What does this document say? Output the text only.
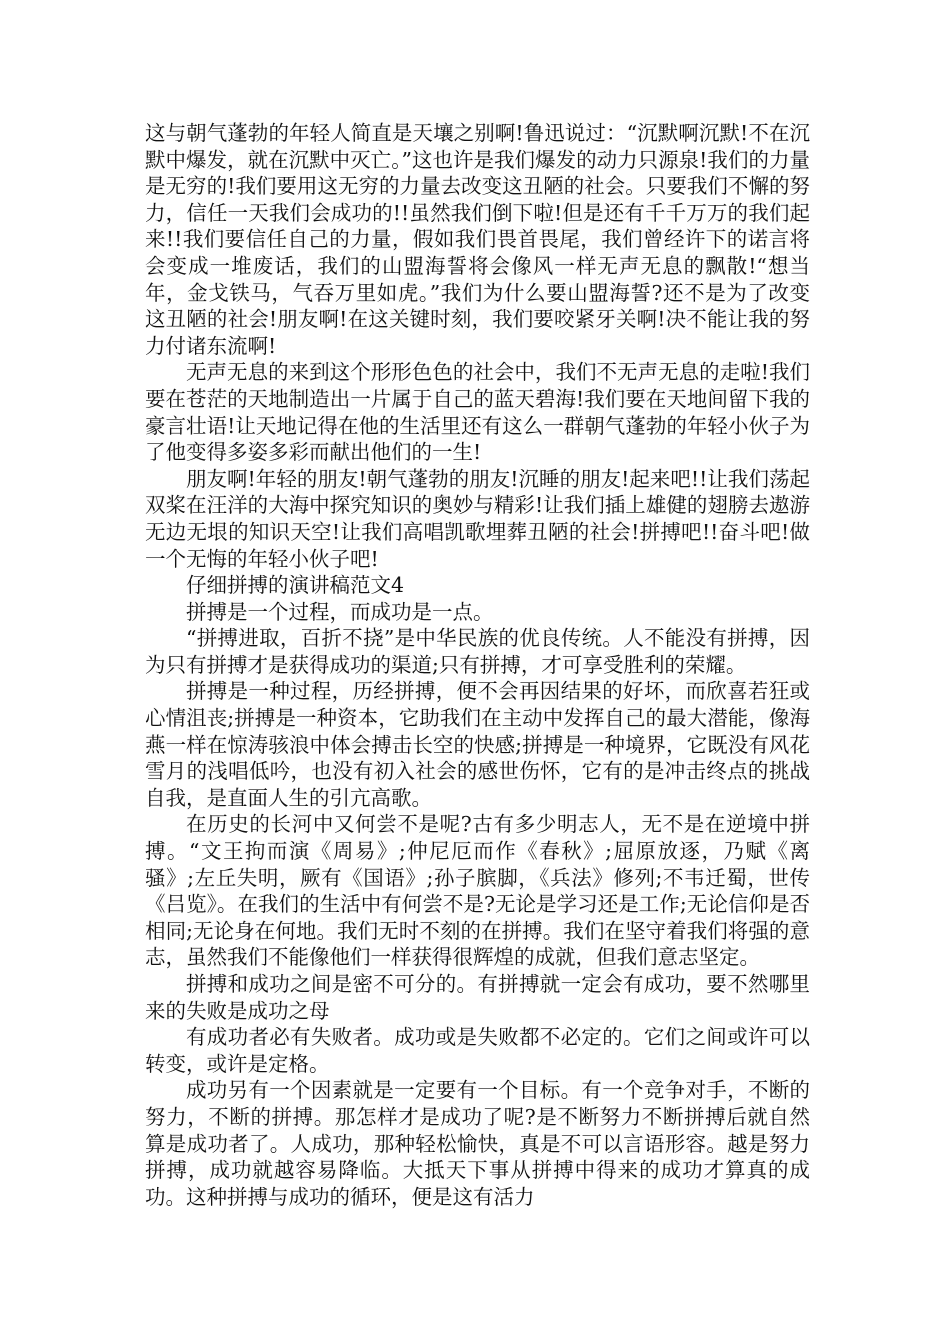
这与朝气蓬勃的年轻人简直是天壤之别啊!鲁迅说过：“沉默啊沉默!不在沉默中爆发，就在沉默中灭亡。”这也许是我们爆发的动力只源泉!我们的力量是无穷的!我们要用这无穷的力量去改变这丑陋的社会。只要我们不懈的努力，信任一天我们会成功的!!虽然我们倒下啦!但是还有千千万万的我们起来!!我们要信任自己的力量，假如我们畏首畏尾，我们曾经许下的诺言将会变成一堆废话，我们的山盟海誓将会像风一样无声无息的飘散!“想当年，金戈铁马，气吞万里如虎。”我们为什么要山盟海誓?还不是为了改变这丑陋的社会!朋友啊!在这关键时刻，我们要咬紧牙关啊!决不能让我的努力付诸东流啊!

无声无息的来到这个形形色色的社会中，我们不无声无息的走啦!我们要在苍茫的天地制造出一片属于自己的蓝天碧海!我们要在天地间留下我的豪言壮语!让天地记得在他的生活里还有这么一群朝气蓬勃的年轻小伙子为了他变得多姿多彩而献出他们的一生!

朋友啊!年轻的朋友!朝气蓬勃的朋友!沉睡的朋友!起来吧!!让我们荡起双桨在汪洋的大海中探究知识的奥妙与精彩!让我们插上雄健的翅膀去遨游无边无垠的知识天空!让我们高唱凯歌埋葬丑陋的社会!拼搏吧!!奋斗吧!做一个无悔的年轻小伙子吧!

仔细拼搏的演讲稿范文4

拼搏是一个过程，而成功是一点。

“拼搏进取，百折不挠”是中华民族的优良传统。人不能没有拼搏，因为只有拼搏才是获得成功的渠道;只有拼搏，才可享受胜利的荣耀。

拼搏是一种过程，历经拼搏，便不会再因结果的好坏，而欣喜若狂或心情沮丧;拼搏是一种资本，它助我们在主动中发挥自己的最大潜能，像海燕一样在惊涛骇浪中体会搏击长空的快感;拼搏是一种境界，它既没有风花雪月的浅唱低吟，也没有初入社会的感世伤怀，它有的是冲击终点的挑战自我，是直面人生的引亢高歌。

在历史的长河中又何尝不是呢?古有多少明志人，无不是在逆境中拼搏。“文王拘而演《周易》;仲尼厄而作《春秋》;屈原放逐，乃赋《离骚》;左丘失明，厥有《国语》;孙子膑脚，《兵法》修列;不韦迁蜀，世传《吕览》。在我们的生活中有何尝不是?无论是学习还是工作;无论信仰是否相同;无论身在何地。我们无时不刻的在拼搏。我们在坚守着我们将强的意志，虽然我们不能像他们一样获得很辉煌的成就，但我们意志坚定。

拼搏和成功之间是密不可分的。有拼搏就一定会有成功，要不然哪里来的失败是成功之母

有成功者必有失败者。成功或是失败都不必定的。它们之间或许可以转变，或许是定格。

成功另有一个因素就是一定要有一个目标。有一个竞争对手，不断的努力，不断的拼搏。那怎样才是成功了呢?是不断努力不断拼搏后就自然算是成功者了。人成功，那种轻松愉快，真是不可以言语形容。越是努力拼搏，成功就越容易降临。大抵天下事从拼搏中得来的成功才算真的成功。这种拼搏与成功的循环，便是这有活力
